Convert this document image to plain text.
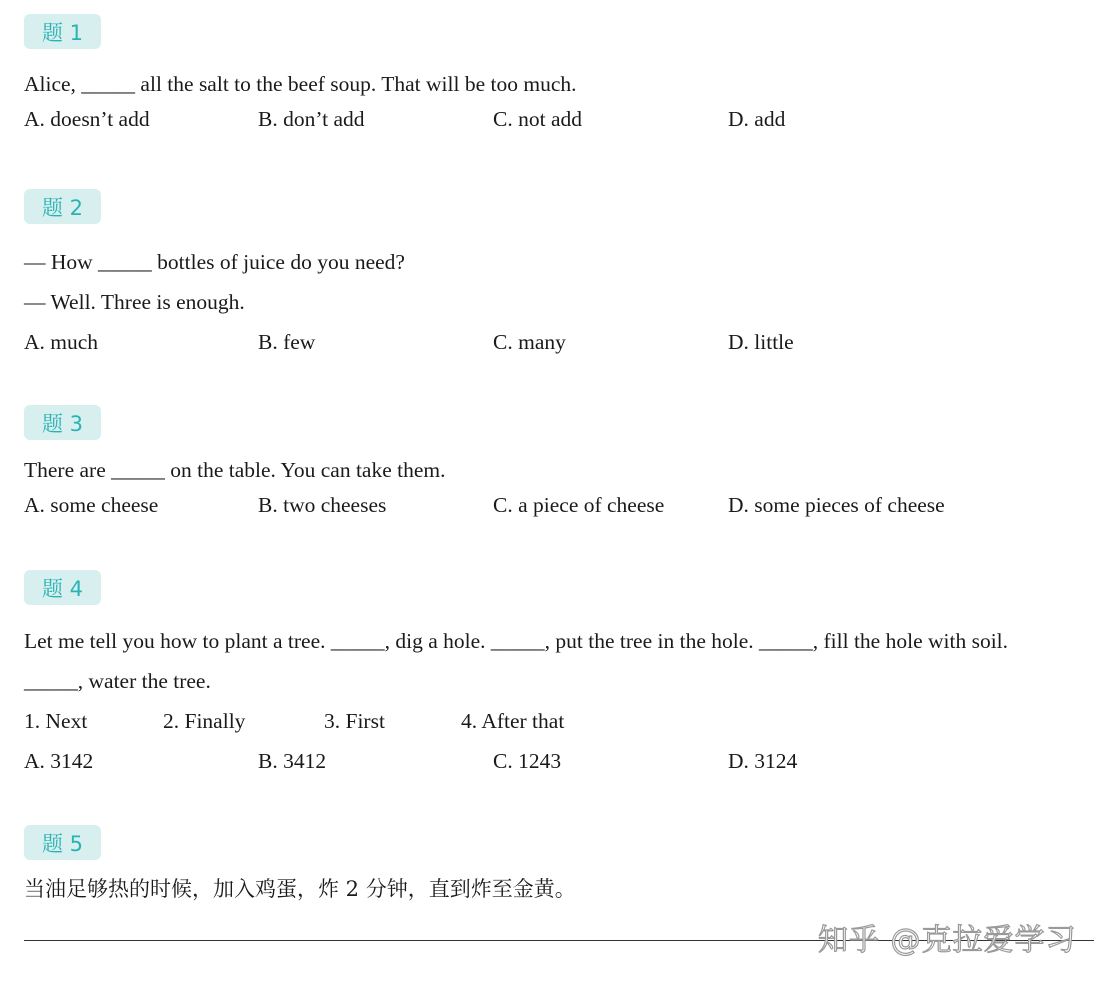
题 1
Alice, _____ all the salt to the beef soup. That will be too much.
A. doesn’t add	B. don’t add	C. not add	D. add
题 2
— How _____ bottles of juice do you need?
— Well. Three is enough.
A. much	B. few	C. many	D. little
题 3
There are _____ on the table. You can take them.
A. some cheese	B. two cheeses	C. a piece of cheese	D. some pieces of cheese
题 4
Let me tell you how to plant a tree. _____, dig a hole. _____, put the tree in the hole. _____, fill the hole with soil.
_____, water the tree.
1. Next	2. Finally	3. First	4. After that
A. 3142	B. 3412	C. 1243	D. 3124
题 5
当油足够热的时候，加入鸡蛋，炸 2 分钟，直到炸至金黄。
知乎 @克拉爱学习
